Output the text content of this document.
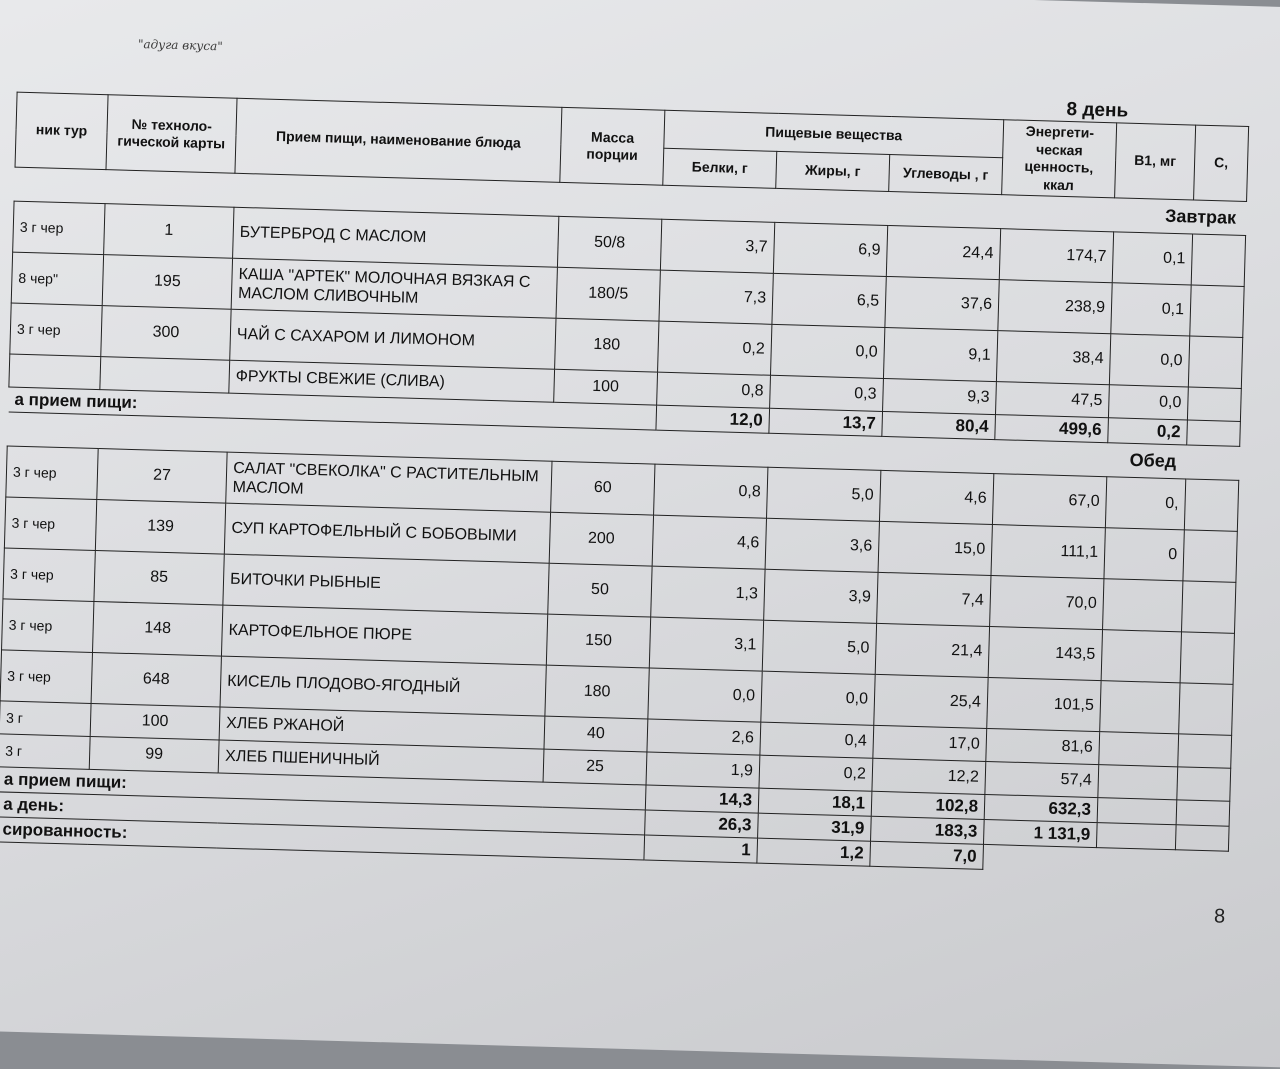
"адуга вкуса"
8 день
ник тур	№ техноло-гической карты	Прием пищи, наименование блюда	Масса порции	Пищевые вещества			Энергети-ческая ценность, ккал	В1, мг	С,
				Белки, г	Жиры, г	Углеводы , г			
Завтрак									
3 г чер	1	БУТЕРБРОД С МАСЛОМ	50/8	3,7	6,9	24,4	174,7	0,1	
8 чер"	195	КАША "АРТЕК" МОЛОЧНАЯ ВЯЗКАЯ С МАСЛОМ СЛИВОЧНЫМ	180/5	7,3	6,5	37,6	238,9	0,1	
3 г чер	300	ЧАЙ С САХАРОМ И ЛИМОНОМ	180	0,2	0,0	9,1	38,4	0,0	
		ФРУКТЫ СВЕЖИЕ (СЛИВА)	100	0,8	0,3	9,3	47,5	0,0	
а прием пищи:				12,0	13,7	80,4	499,6	0,2	
Обед									
3 г чер	27	САЛАТ "СВЕКОЛКА" С РАСТИТЕЛЬНЫМ МАСЛОМ	60	0,8	5,0	4,6	67,0	0,	
3 г чер	139	СУП КАРТОФЕЛЬНЫЙ С БОБОВЫМИ	200	4,6	3,6	15,0	111,1	0	
3 г чер	85	БИТОЧКИ РЫБНЫЕ	50	1,3	3,9	7,4	70,0		
3 г чер	148	КАРТОФЕЛЬНОЕ ПЮРЕ	150	3,1	5,0	21,4	143,5		
3 г чер	648	КИСЕЛЬ ПЛОДОВО-ЯГОДНЫЙ	180	0,0	0,0	25,4	101,5		
3 г	100	ХЛЕБ РЖАНОЙ	40	2,6	0,4	17,0	81,6		
3 г	99	ХЛЕБ ПШЕНИЧНЫЙ	25	1,9	0,2	12,2	57,4		
а прием пищи:				14,3	18,1	102,8	632,3		
а день:				26,3	31,9	183,3	1 131,9		
сированность:				1	1,2	7,0			
8
